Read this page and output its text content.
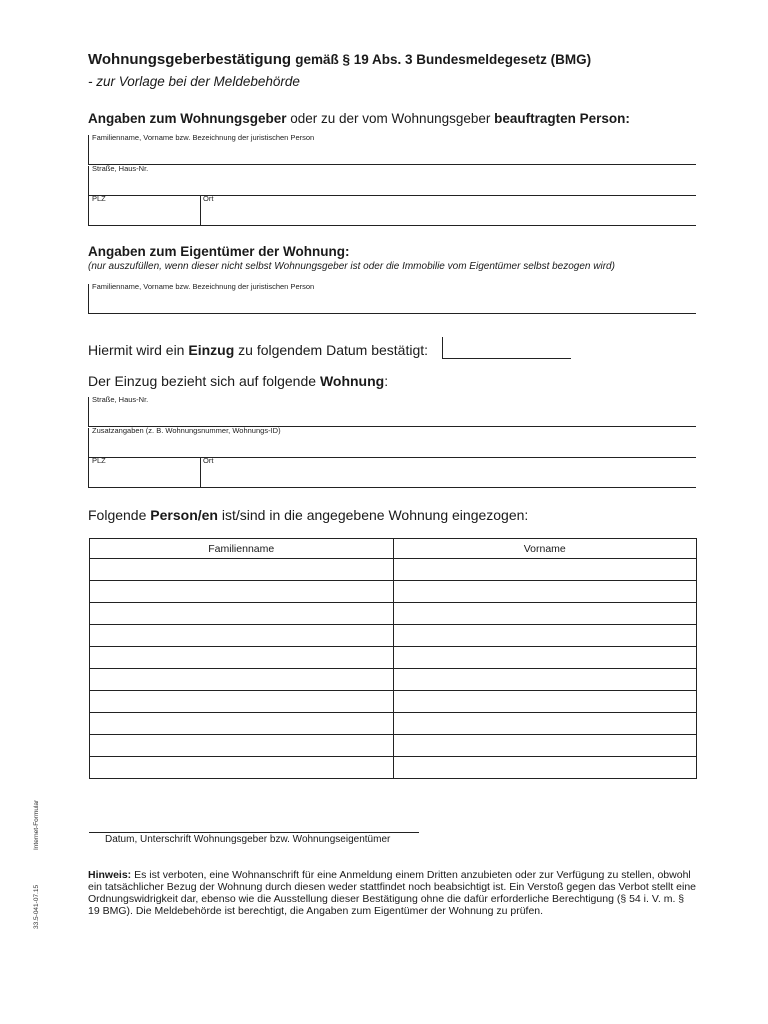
Wohnungsgeberbestätigung gemäß § 19 Abs. 3 Bundesmeldegesetz (BMG)
- zur Vorlage bei der Meldebehörde
Angaben zum Wohnungsgeber oder zu der vom Wohnungsgeber beauftragten Person:
Familienname, Vorname bzw. Bezeichnung der juristischen Person
Straße, Haus-Nr.
PLZ	Ort
Angaben zum Eigentümer der Wohnung:
(nur auszufüllen, wenn dieser nicht selbst Wohnungsgeber ist oder die Immobilie vom Eigentümer selbst bezogen wird)
Familienname, Vorname bzw. Bezeichnung der juristischen Person
Hiermit wird ein Einzug zu folgendem Datum bestätigt:
Der Einzug bezieht sich auf folgende Wohnung:
Straße, Haus-Nr.
Zusatzangaben (z. B. Wohnungsnummer, Wohnungs-ID)
PLZ	Ort
Folgende Person/en ist/sind in die angegebene Wohnung eingezogen:
Familienname	Vorname

Datum, Unterschrift Wohnungsgeber bzw. Wohnungseigentümer
Hinweis: Es ist verboten, eine Wohnanschrift für eine Anmeldung einem Dritten anzubieten oder zur Verfügung zu stellen, obwohl ein tatsächlicher Bezug der Wohnung durch diesen weder stattfindet noch beabsichtigt ist. Ein Verstoß gegen das Verbot stellt eine Ordnungswidrigkeit dar, ebenso wie die Ausstellung dieser Bestätigung ohne die dafür erforderliche Berechtigung (§ 54 i. V. m. § 19 BMG). Die Meldebehörde ist berechtigt, die Angaben zum Eigentümer der Wohnung zu prüfen.
Internet-Formular
33.5-041-07.15
